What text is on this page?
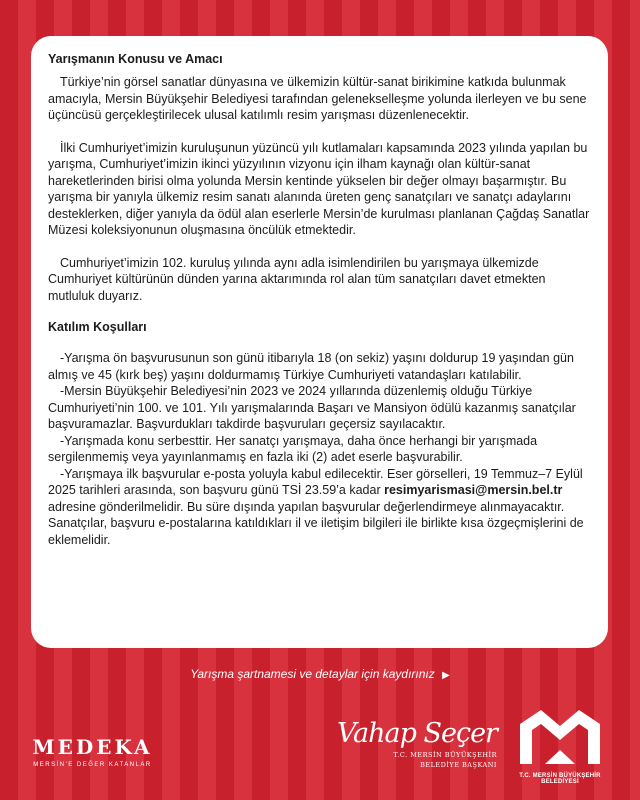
Yarışmanın Konusu ve Amacı

Türkiye’nin görsel sanatlar dünyasına ve ülkemizin kültür-sanat birikimine katkıda bulunmak amacıyla, Mersin Büyükşehir Belediyesi tarafından gelenekselleşme yolunda ilerleyen ve bu sene üçüncüsü gerçekleştirilecek ulusal katılımlı resim yarışması düzenlenecektir.

İlki Cumhuriyet’imizin kuruluşunun yüzüncü yılı kutlamaları kapsamında 2023 yılında yapılan bu yarışma, Cumhuriyet’imizin ikinci yüzyılının vizyonu için ilham kaynağı olan kültür-sanat hareketlerinden birisi olma yolunda Mersin kentinde yükselen bir değer olmayı başarmıştır. Bu yarışma bir yanıyla ülkemiz resim sanatı alanında üreten genç sanatçıları ve sanatçı adaylarını desteklerken, diğer yanıyla da ödül alan eserlerle Mersin’de kurulması planlanan Çağdaş Sanatlar Müzesi koleksiyonunun oluşmasına öncülük etmektedir.

Cumhuriyet’imizin 102. kuruluş yılında aynı adla isimlendirilen bu yarışmaya ülkemizde Cumhuriyet kültürünün dünden yarına aktarımında rol alan tüm sanatçıları davet etmekten mutluluk duyarız.

Katılım Koşulları

-Yarışma ön başvurusunun son günü itibarıyla 18 (on sekiz) yaşını doldurup 19 yaşından gün almış ve 45 (kırk beş) yaşını doldurmamış Türkiye Cumhuriyeti vatandaşları katılabilir.

-Mersin Büyükşehir Belediyesi’nin 2023 ve 2024 yıllarında düzenlemiş olduğu Türkiye Cumhuriyeti’nin 100. ve 101. Yılı yarışmalarında Başarı ve Mansiyon ödülü kazanmış sanatçılar başvuramazlar. Başvurdukları takdirde başvuruları geçersiz sayılacaktır.

-Yarışmada konu serbesttir. Her sanatçı yarışmaya, daha önce herhangi bir yarışmada sergilenmemiş veya yayınlanmamış en fazla iki (2) adet eserle başvurabilir.

-Yarışmaya ilk başvurular e-posta yoluyla kabul edilecektir. Eser görselleri, 19 Temmuz–7 Eylül 2025 tarihleri arasında, son başvuru günü TSİ 23.59’a kadar resimyarismasi@mersin.bel.tr adresine gönderilmelidir. Bu süre dışında yapılan başvurular değerlendirmeye alınmayacaktır. Sanatçılar, başvuru e-postalarına katıldıkları il ve iletişim bilgileri ile birlikte kısa özgeçmişlerini de eklemelidir.

Yarışma şartnamesi ve detaylar için kaydırınız ▶
MEDEKA
MERSİN'E DEĞER KATANLAR
Vahap Seçer
T.C. MERSİN BÜYÜKŞEHİR
BELEDİYE BAŞKANI
T.C. MERSİN BÜYÜKŞEHİR BELEDİYESİ
